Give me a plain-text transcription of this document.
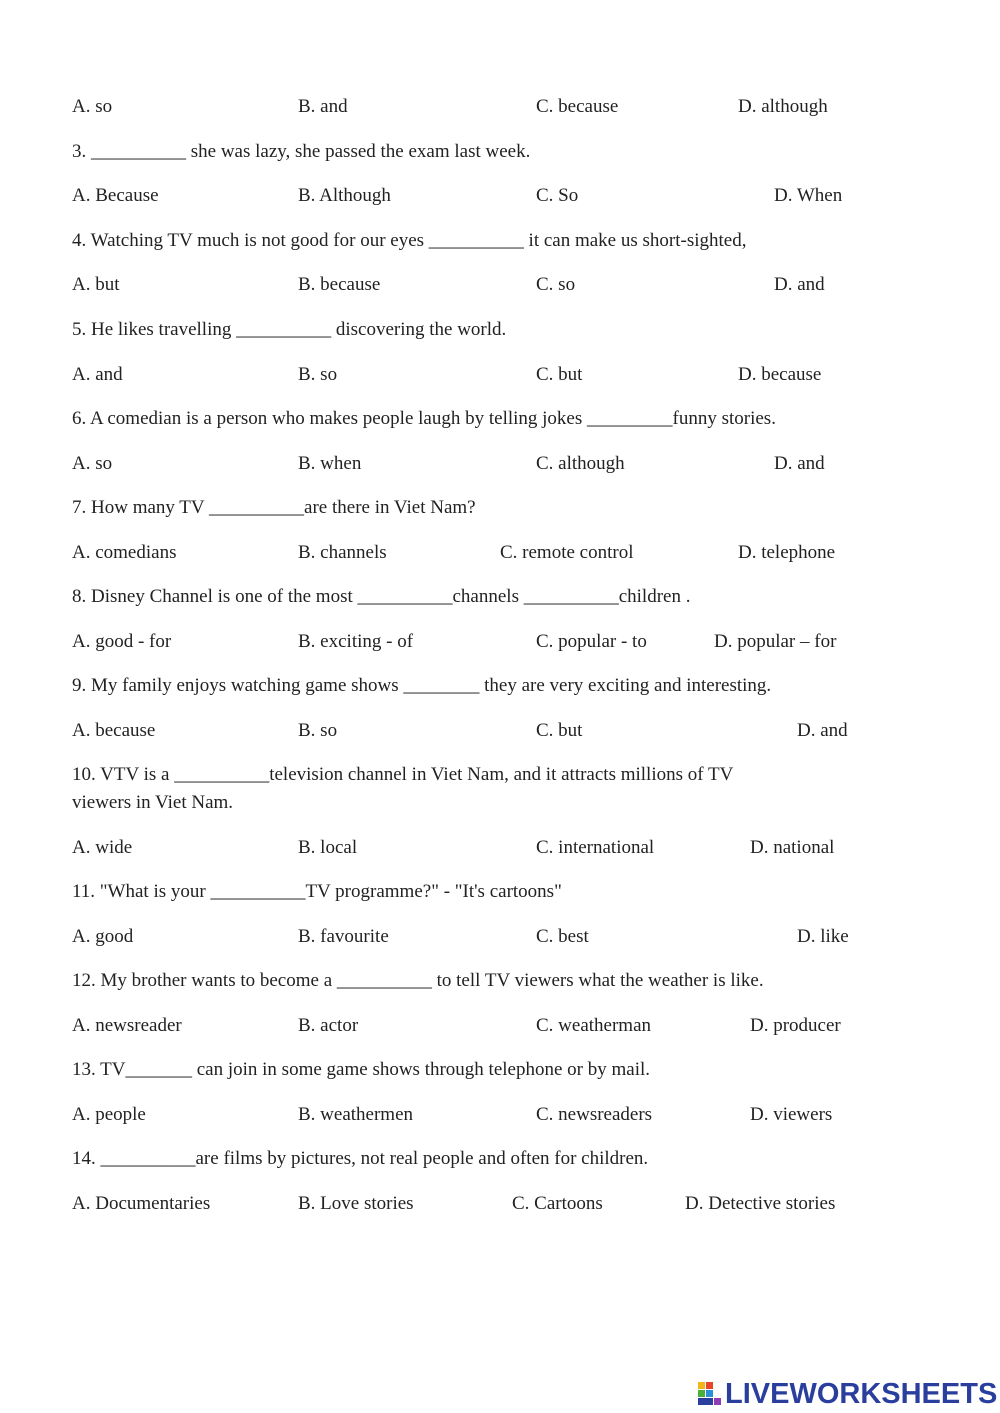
A. so	B. and	C. because	D. although
3. __________ she was lazy, she passed the exam last week.
A. Because	B. Although	C. So	D. When
4. Watching TV much is not good for our eyes __________ it can make us short-sighted,
A. but	B. because	C. so	D. and
5. He likes travelling __________ discovering the world.
A. and	B. so	C. but	D. because
6. A comedian is a person who makes people laugh by telling jokes _________funny stories.
A. so	B. when	C. although	D. and
7. How many TV __________are there in Viet Nam?
A. comedians	B. channels	C. remote control	D. telephone
8. Disney Channel is one of the most __________channels __________children .
A. good - for	B. exciting - of	C. popular - to	D. popular – for
9. My family enjoys watching game shows ________ they are very exciting and interesting.
A. because	B. so	C. but	D. and
10. VTV is a __________television channel in Viet Nam, and it attracts millions of TV
viewers in Viet Nam.
A. wide	B. local	C. international	D. national
11. "What is your __________TV programme?" - "It's cartoons"
A. good	B. favourite	C. best	D. like
12. My brother wants to become a __________ to tell TV viewers what the weather is like.
A. newsreader	B. actor	C. weatherman	D. producer
13. TV_______ can join in some game shows through telephone or by mail.
A. people	B. weathermen	C. newsreaders	D. viewers
14. __________are films by pictures, not real people and often for children.
A. Documentaries	B. Love stories	C. Cartoons	D. Detective stories
LIVEWORKSHEETS
